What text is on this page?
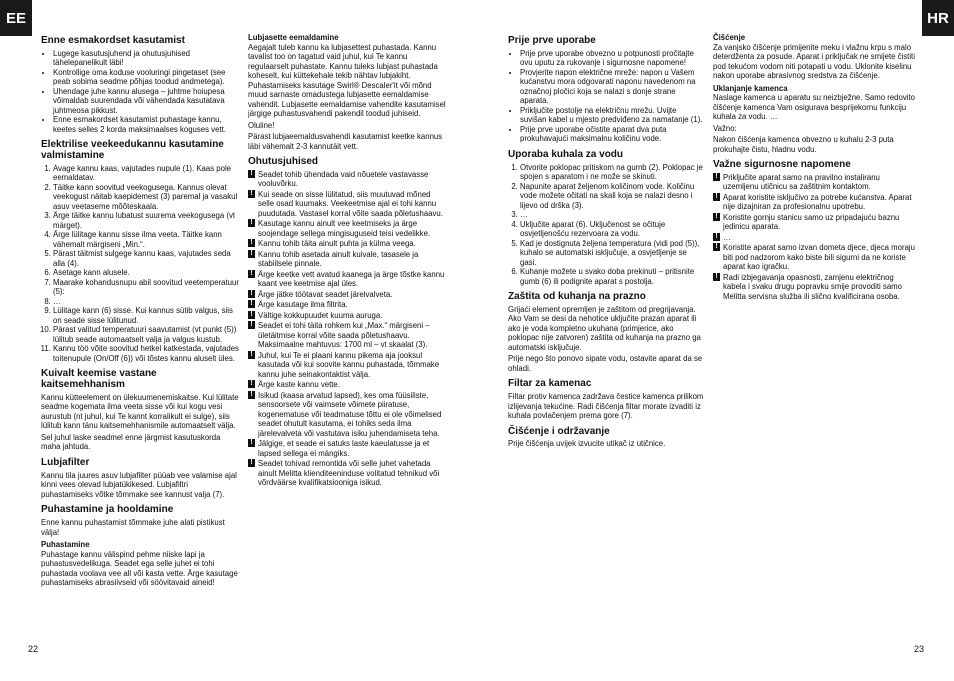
EE	HR
Enne esmakordset kasutamist
• Lugege kasutusjuhend ja ohutusjuhised tähelepanelikult läbi!
• Kontrollige oma koduse vooluringi pingetaset (see peab sobima seadme põhjas toodud andmetega).
• Uhendage juhe kannu alusega – juhtme hoiupesa võimaldab suurendada või vähendada kasutatava juhtmeosa pikkust.
• Enne esmakordset kasutamist puhastage kannu, keetes selles 2 korda maksimaalses koguses vett.
Elektrilise veekeedukannu kasutamine valmistamine
1. Avage kannu kaas, vajutades nupule (1). Kaas pole eemaldatav.
2. Täitke kann soovitud veekogusega. Kannus olevat veekogust näitab kaepidemest (3) paremal ja vasakul asuv veetaseme mõõteskaala.
3. Ärge täitke kannu lubatust suurema veekogusega (vt märget).
4. Ärge lülitage kannu sisse ilma veeta. Täitke kann vähemalt märgiseni „Min.“.
5. Pärast täitmist sulgege kannu kaas, vajutades seda alla (4).
6. Asetage kann alusele.
7. Maarake kohandusnupu abil soovitud veetemperatuur (5):
8. …
9. Lülitage kann (6) sisse. Kui kannus sütib valgus, siis on seade sisse lülitunud.
10. Pärast valitud temperatuuri saavutamist (vt punkt (5)) lülitub seade automaatselt valja ja valgus kustub.
11. Kannu töö võite soovitud hetkel katkestada, vajutades toitenupule (On/Off (6)) või tõstes kannu aluselt üles.
Kuivalt keemise vastane kaitsemehhanism

Kannu kütteelement on ülekuumenemiskaitse. Kui lülitate seadme kogemata ilma veeta sisse või kui kogu vesi aurustub (nt juhul, kui Te kannt korralikult ei sulge), siis lülitub kann tänu kaitsemehhanismile automaatselt välja.

Sel juhul laske seadmel enne järgmist kasutuskorda maha jahtuda.

Lubjafilter

Kannu tila juures asuv lubjafilter püüab vee valamise ajal kinni vees olevad lubjatükikesed. Lubjafiltri puhastamiseks võtke tõmmake see kannust valja (7).

Puhastamine ja hooldamine

Enne kannu puhastamist tõmmake juhe alati pistikust välja!

Puhastamine

Puhastage kannu välispind pehme niiske lapi ja puhastusvedelikuga. Seadet ega selle juhet ei tohi puhastada voolava vee all või kasta vette. Ärge kasutage puhastamiseks abrasiivseid või söövitavaid aineid!

Lubjasette eemaldamine

Aegajalt tuleb kannu ka lubjasettest puhastada. Kannu tavalist too on tagatud vaid juhul, kui Te kannu regulaarselt puhastate. Kannu tuleks lubjast puhastada koheselt, kui küttekehale tekib nähtav lubjakiht. Puhastamiseks kasutage Swirl® Descaler'it või mõnd muud sarnaste omadustega lubjasette eemaldamise vahendit. Lubjasette eemaldamise vahendite kasutamisel järgige puhastusvahendi pakendil toodud juhiseid.

Oluline!

Pärast lubjaeemaldusvahendi kasutamist keetke kannus läbi vähemalt 2-3 kannutäit vett.

Ohutusjuhised
! Seadet tohib ühendada vaid nõuetele vastavasse vooluvõrku.
! Kui seade on sisse lülitatud, siis muutuvad mõned selle osad kuumaks. Veekeetmise ajal ei tohi kannu puudutada. Vastasel korral võite saada põletushaavu.
! Kasutage kannu ainult vee keetmiseks ja ärge soojendage sellega mingisuguseid teisi vedelikke.
! Kannu tohib täita ainult puhta ja külma veega.
! Kannu tohib asetada ainult kuivale, tasasele ja stabiilsele pinnale.
! Ärge keetke vett avatud kaanega ja ärge tõstke kannu kaant vee keetmise ajal üles.
! Ärge jätke töötavat seadet järelvalveta.
! Ärge kasutage ilma filtrita.
! Vältige kokkupuudet kuuma auruga.
! Seadet ei tohi täita rohkem kui „Max.“ märgiseni – ületäitmise korral võite saada põletushaavu. Maksimaalne mahtuvus: 1700 ml – vt skaalat (3).
! Juhul, kui Te ei plaani kannu pikema aja jooksul kasutada või kui soovite kannu puhastada, tõmmake kannu juhe seinakontaktist välja.
! Ärge kaste kannu vette.
! Isikud (kaasa arvatud lapsed), kes oma füüsiliste, sensoorsete või vaimsete võimete piiratuse, kogenematuse või teadmatuse tõttu ei ole võimelised seadet ohutult kasutama, ei tohiks seda ilma järelevalveta või vastutava isiku juhendamiseta teha.
! Jälgige, et seade ei satuks laste kaeulatusse ja et lapsed sellega ei mängiks.
! Seadet tohivad remontida või selle juhet vahetada ainult Melitta klienditeeninduse volitatud tehnikud või võrdväärse kvalifikatsiooniga isikud.
Prije prve uporabe
• Prije prve uporabe obvezno u potpunosti pročitajte ovu uputu za rukovanje i sigurnosne napomene!
• Provjerite napon električne mreže: napon u Vašem kućanstvu mora odgovarati naponu navedenom na označnoj pločici koja se nalazi s donje strane aparata.
• Priključite postolje na električnu mrežu. Uvijte suvišan kabel u mjesto predviđeno za namatanje (1).
• Prije prve uporabe očistite aparat dva puta prokuhavajući maksimalnu količinu vode.
Uporaba kuhala za vodu
1. Otvorite poklopac pritiskom na gumb (2). Poklopac je spojen s aparatom i ne može se skinuti.
2. Napunite aparat željenom količinom vode. Količinu vode možete očitati na skali koja se nalazi desno i lijevo od drška (3).
3. …
4. Uključite aparat (6). Uključenost se očituje osvjetljenošću rezervoara za vodu.
5. Kad je dostignuta željena temperatura (vidi pod (5)), kuhalo se automatski isključuje, a osvjetljenje se gasi.
6. Kuhanje možete u svako doba prekinuti – pritisnite gumb (6) ili podignite aparat s postolja.
Zaštita od kuhanja na prazno

Grijaći element opremljen je zaštitom od pregrijavanja. Ako Vam se desi da nehotice uključite prazan aparat ili ako je voda kompletno ukuhana (primjerice, ako poklopac nije zatvoren) zaštita od kuhanja na prazno ga automatski isključuje.

Prije nego što ponovo sipate vodu, ostavite aparat da se ohladi.

Filtar za kamenac

Filtar protiv kamenca zadržava čestice kamenca prilikom izlijevanja tekućine. Radi čišćenja filtar morate izvaditi iz kuhala povlačenjem prema gore (7).

Čišćenje i održavanje

Prije čišćenja uvijek izvucite utikač iz utičnice.

Čišćenje

Za vanjsko čišćenje primijenite meku i vlažnu krpu s malo deterdženta za posude. Aparat i priključak ne smijete čistiti pod tekućom vodom niti potapati u vodu. Uklonite kiselinu nakon uporabe abrasivnog sredstva za čišćenje.

Uklanjanje kamenca

Naslage kamenca u aparatu su neizbježne. Samo redovito čišćenje kamenca Vam osigurava besprijekornu funkciju kuhala za vodu. …

Važno:

Nakon čišćenja kamenca obvezno u kuhalu 2-3 puta prokuhajte čistu, hladnu vodu.

Važne sigurnosne napomene
! Priključite aparat samo na pravilno instaliranu uzemljenu utičnicu sa zaštitnim kontaktom.
! Aparat koristite isključivo za potrebe kućanstva. Aparat nije dizajniran za profesionalnu upotrebu.
! Koristite gornju stanicu samo uz pripadajuću baznu jedinicu aparata.
! …
! Koristite aparat samo izvan dometa djece, djeca moraju biti pod nadzorom kako biste bili sigurni da ne koriste aparat kao igračku.
! Radi izbjegavanja opasnosti, zamjenu električnog kabela i svaku drugu popravku smije provoditi samo Melitta servisna služba ili slično kvalificirana osoba.
22	23
